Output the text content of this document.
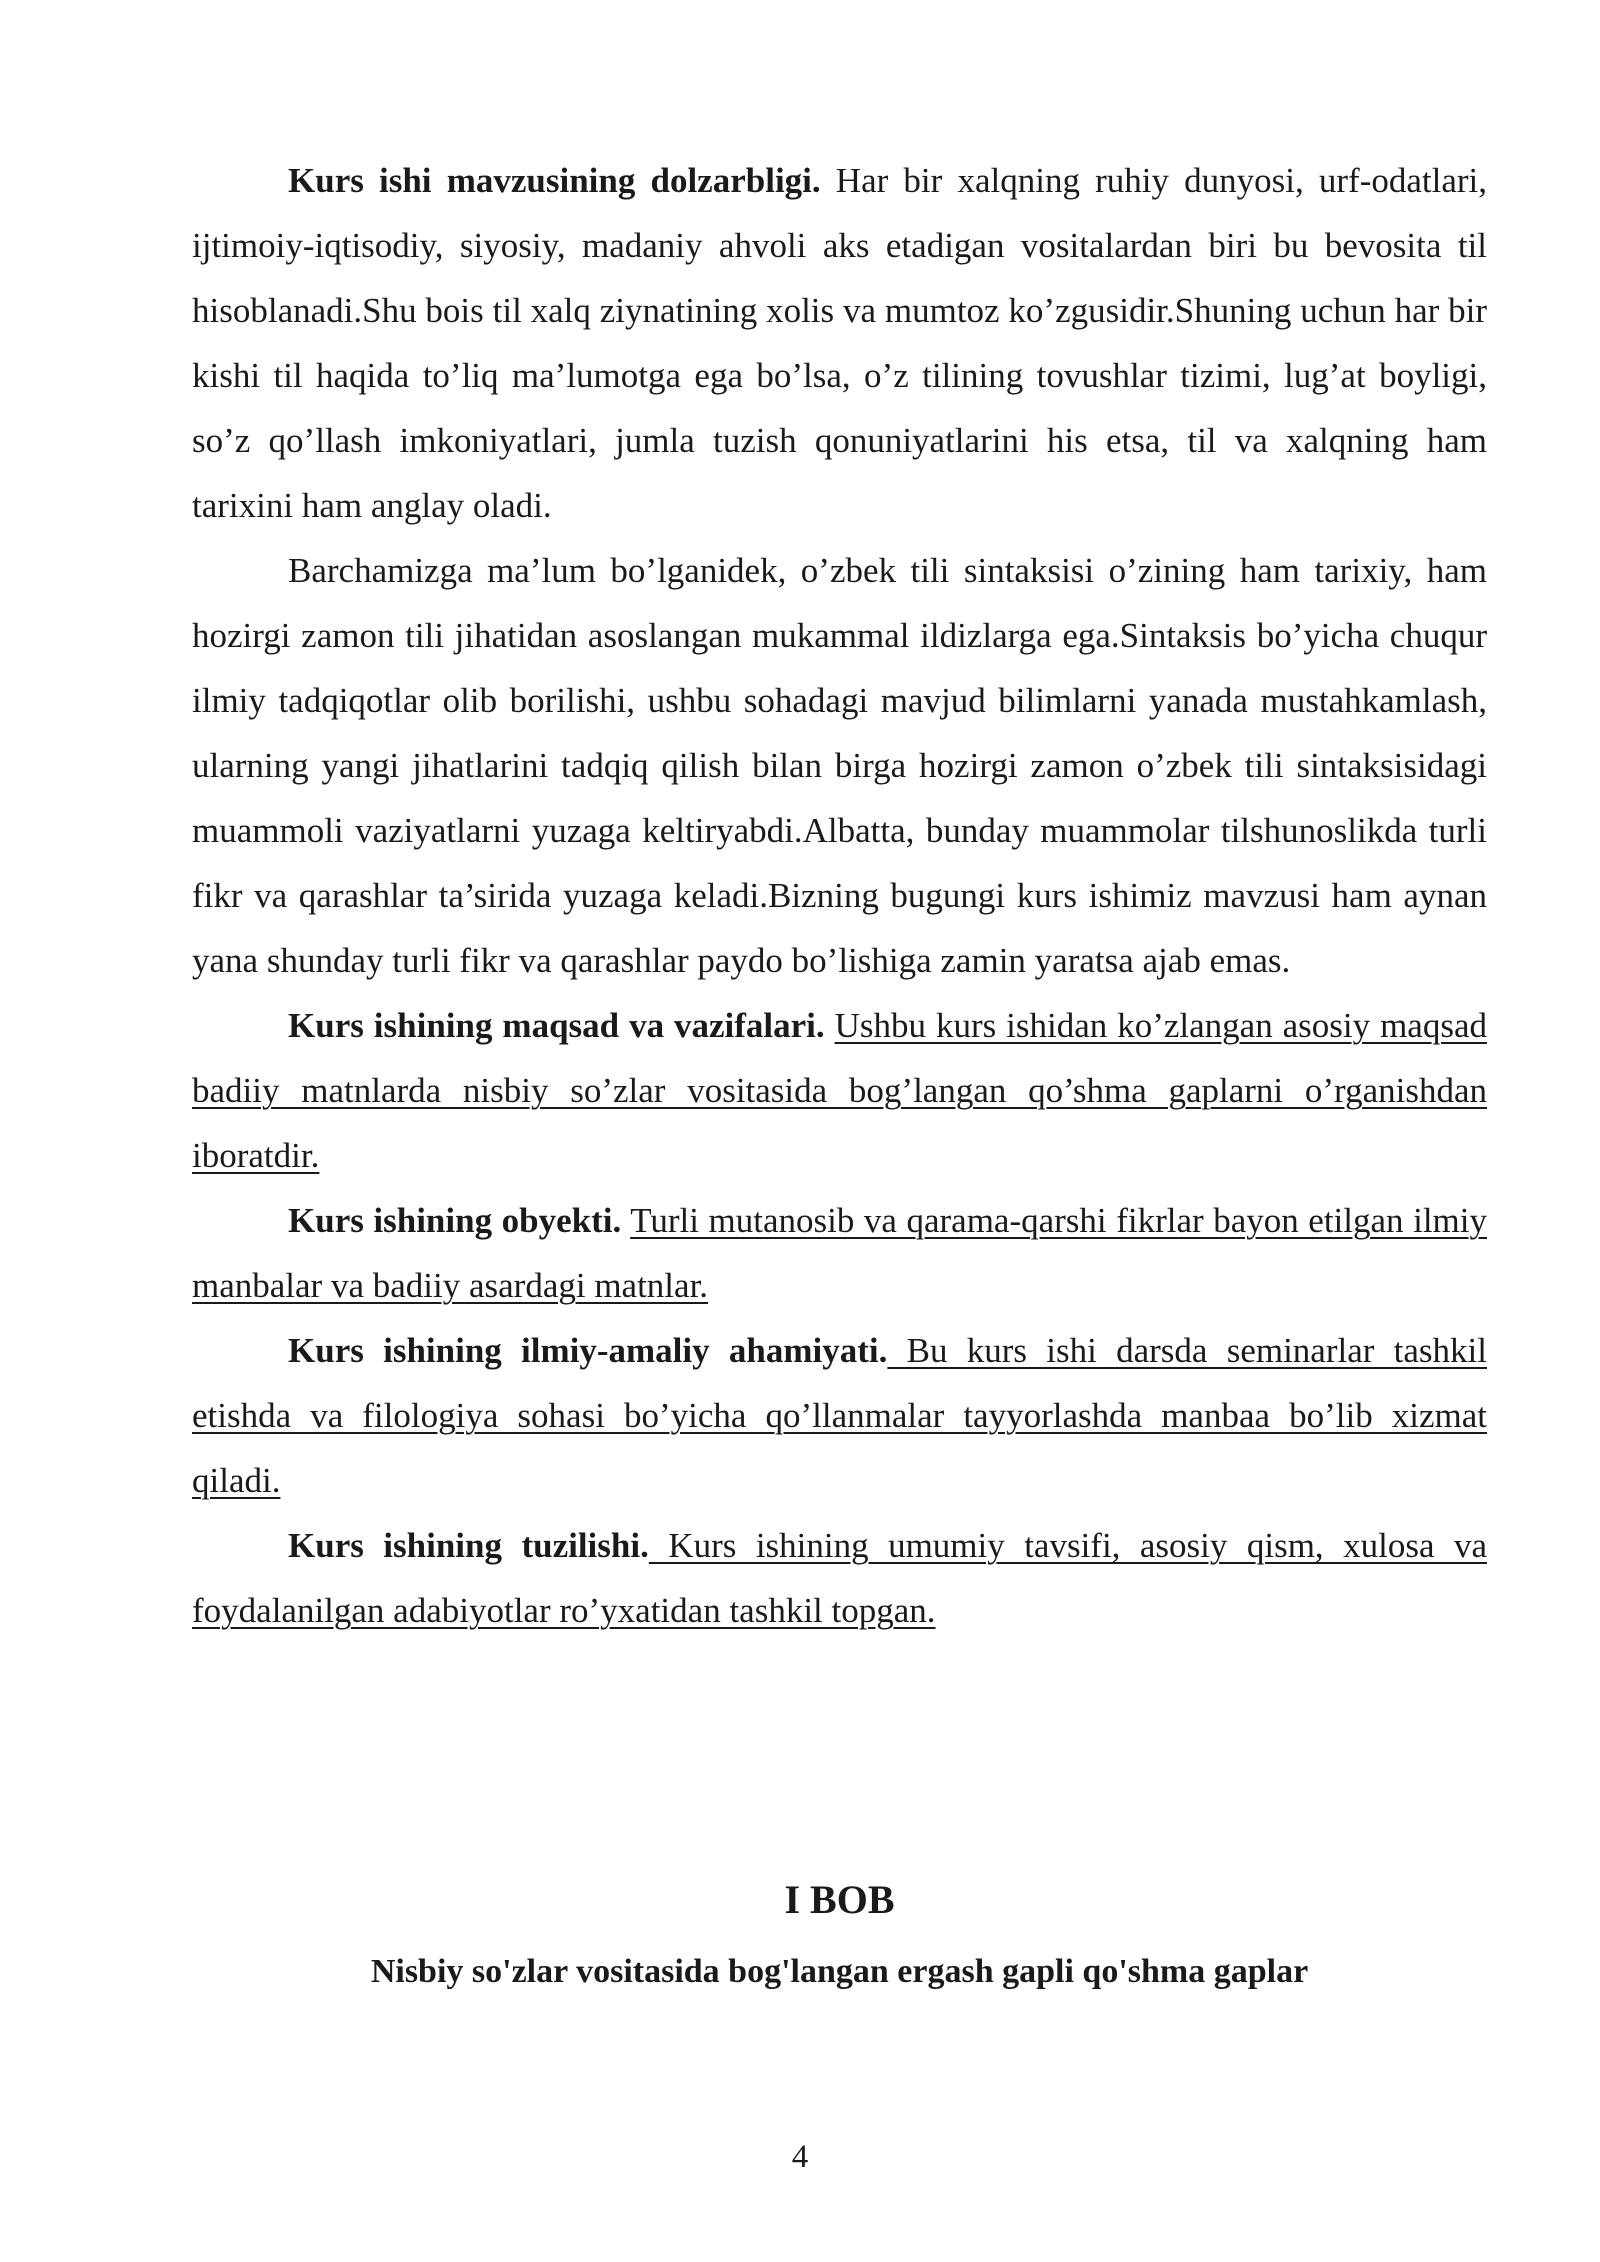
Kurs ishi mavzusining dolzarbligi. Har bir xalqning ruhiy dunyosi, urf-odatlari, ijtimoiy-iqtisodiy, siyosiy, madaniy ahvoli aks etadigan vositalardan biri bu bevosita til hisoblanadi.Shu bois til xalq ziynatining xolis va mumtoz ko’zgusidir.Shuning uchun har bir kishi til haqida to’liq ma’lumotga ega bo’lsa, o’z tilining tovushlar tizimi, lug’at boyligi, so’z qo’llash imkoniyatlari, jumla tuzish qonuniyatlarini his etsa, til va xalqning ham tarixini ham anglay oladi.

Barchamizga ma’lum bo’lganidek, o’zbek tili sintaksisi o’zining ham tarixiy, ham hozirgi zamon tili jihatidan asoslangan mukammal ildizlarga ega.Sintaksis bo’yicha chuqur ilmiy tadqiqotlar olib borilishi, ushbu sohadagi mavjud bilimlarni yanada mustahkamlash, ularning yangi jihatlarini tadqiq qilish bilan birga hozirgi zamon o’zbek tili sintaksisidagi muammoli vaziyatlarni yuzaga keltiryabdi.Albatta, bunday muammolar tilshunoslikda turli fikr va qarashlar ta’sirida yuzaga keladi.Bizning bugungi kurs ishimiz mavzusi ham aynan yana shunday turli fikr va qarashlar paydo bo’lishiga zamin yaratsa ajab emas.

Kurs ishining maqsad va vazifalari. Ushbu kurs ishidan ko’zlangan asosiy maqsad badiiy matnlarda nisbiy so’zlar vositasida bog’langan qo’shma gaplarni o’rganishdan iboratdir.

Kurs ishining obyekti. Turli mutanosib va qarama-qarshi fikrlar bayon etilgan ilmiy manbalar va badiiy asardagi matnlar.

Kurs ishining ilmiy-amaliy ahamiyati. Bu kurs ishi darsda seminarlar tashkil etishda va filologiya sohasi bo’yicha qo’llanmalar tayyorlashda manbaa bo’lib xizmat qiladi.

Kurs ishining tuzilishi. Kurs ishining umumiy tavsifi, asosiy qism, xulosa va foydalanilgan adabiyotlar ro’yxatidan tashkil topgan.

I BOB
Nisbiy so'zlar vositasida bog'langan ergash gapli qo'shma gaplar
4
